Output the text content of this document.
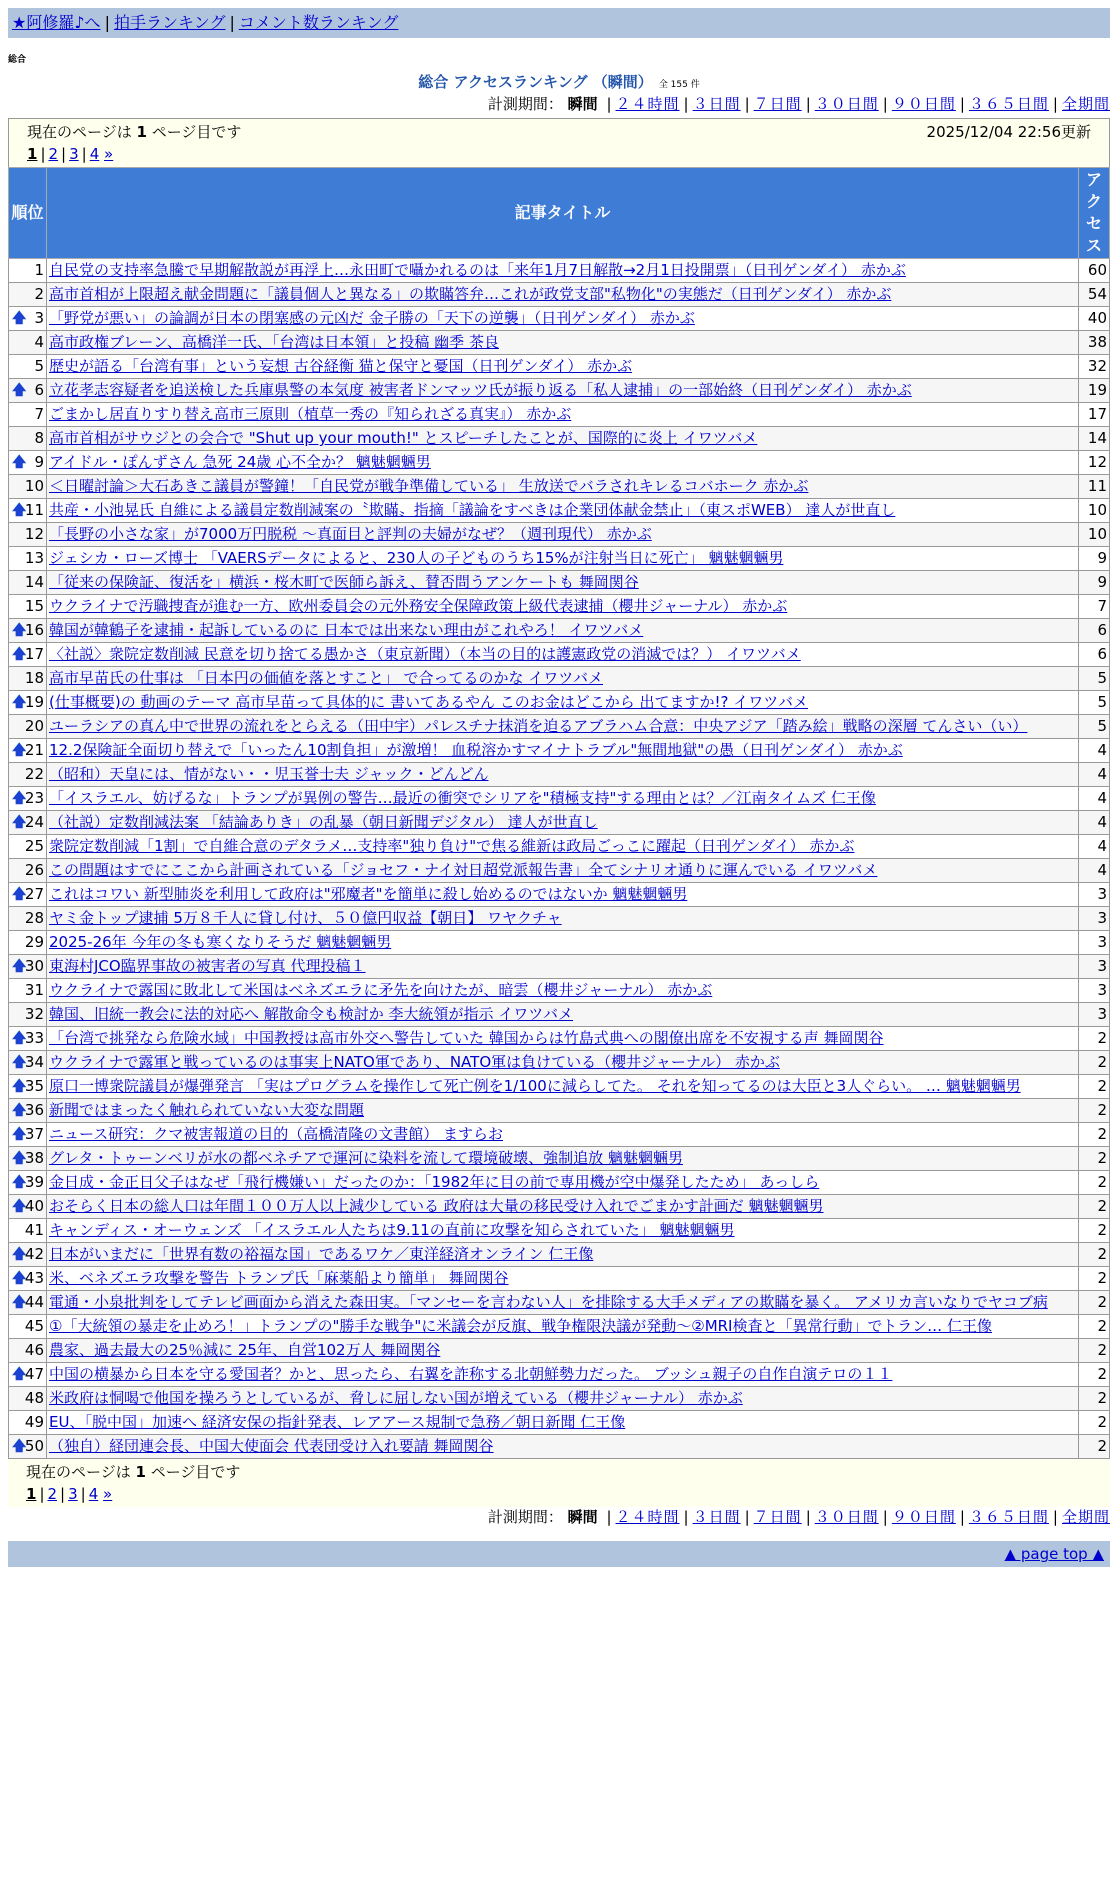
★阿修羅♪へ | 拍手ランキング | コメント数ランキング
総合
総合 アクセスランキング （瞬間） 全 155 件
計測期間： 瞬間 | ２４時間 | ３日間 | ７日間 | ３０日間 | ９０日間 | ３６５日間 | 全期間
現在のページは 1 ページ目です	2025/12/04 22:56更新
1 | 2 | 3 | 4 »
順位	記事タイトル	アクセス
1	自民党の支持率急騰で早期解散説が再浮上…永田町で囁かれるのは「来年1月7日解散→2月1日投開票」（日刊ゲンダイ） 赤かぶ	60
2	高市首相が上限超え献金問題に「議員個人と異なる」の欺瞞答弁…これが政党支部"私物化"の実態だ（日刊ゲンダイ） 赤かぶ	54

🡅 3	「野党が悪い」の論調が日本の閉塞感の元凶だ 金子勝の「天下の逆襲」（日刊ゲンダイ） 赤かぶ	40
4	高市政権ブレーン、高橋洋一氏、「台湾は日本領」と投稿 幽季 茶良	38
5	歴史が語る「台湾有事」という妄想 古谷経衡 猫と保守と憂国（日刊ゲンダイ） 赤かぶ	32

🡅 6	立花孝志容疑者を追送検した兵庫県警の本気度 被害者ドンマッツ氏が振り返る「私人逮捕」の一部始終（日刊ゲンダイ） 赤かぶ	19
7	ごまかし居直りすり替え高市三原則（植草一秀の『知られざる真実』） 赤かぶ	17
8	高市首相がサウジとの会合で "Shut up your mouth!" とスピーチしたことが、国際的に炎上 イワツバメ	14

🡅 9	アイドル・ぽんずさん 急死 24歳 心不全か？ 魑魅魍魎男	12
10	＜日曜討論＞大石あきこ議員が警鐘！「自民党が戦争準備している」 生放送でバラされキレるコバホーク 赤かぶ	11

🡅
11	共産・小池晃氏 自維による議員定数削減案の〝欺瞞〟指摘「議論をすべきは企業団体献金禁止」（東スポWEB） 達人が世直し	10
12	「長野の小さな家」が7000万円脱税 ～真面目と評判の夫婦がなぜ？（週刊現代） 赤かぶ	10
13	ジェシカ・ローズ博士 「VAERSデータによると、230人の子どものうち15%が注射当日に死亡」 魑魅魍魎男	9
14	「従来の保険証、復活を」横浜・桜木町で医師ら訴え、賛否問うアンケートも 舞岡関谷	9
15	ウクライナで汚職捜査が進む一方、欧州委員会の元外務安全保障政策上級代表逮捕（櫻井ジャーナル） 赤かぶ	7

🡅
16	韓国が韓鶴子を逮捕・起訴しているのに 日本では出来ない理由がこれやろ！ イワツバメ	6

🡅
17	〈社説〉衆院定数削減 民意を切り捨てる愚かさ（東京新聞）（本当の目的は護憲政党の消滅では？） イワツバメ	6
18	高市早苗氏の仕事は 「日本円の価値を落とすこと」 で合ってるのかな イワツバメ	5

🡅
19	(仕事概要)の 動画のテーマ 高市早苗って具体的に 書いてあるやん このお金はどこから 出てますか!? イワツバメ	5
20	ユーラシアの真ん中で世界の流れをとらえる（田中宇）パレスチナ抹消を迫るアブラハム合意：中央アジア「踏み絵」戦略の深層 てんさい（い）	5

🡅
21	12.2保険証全面切り替えで「いったん10割負担」が激増！ 血税溶かすマイナトラブル"無間地獄"の愚（日刊ゲンダイ） 赤かぶ	4
22	（昭和）天皇には、情がない・・児玉誉士夫 ジャック・どんどん	4

🡅
23	「イスラエル、妨げるな」トランプが異例の警告…最近の衝突でシリアを"積極支持"する理由とは？／江南タイムズ 仁王像	4

🡅
24	（社説）定数削減法案 「結論ありき」の乱暴（朝日新聞デジタル） 達人が世直し	4
25	衆院定数削減「1割」で自維合意のデタラメ…支持率"独り負け"で焦る維新は政局ごっこに躍起（日刊ゲンダイ） 赤かぶ	4
26	この問題はすでにここから計画されている「ジョセフ・ナイ対日超党派報告書」全てシナリオ通りに運んでいる イワツバメ	4

🡅
27	これはコワい 新型肺炎を利用して政府は"邪魔者"を簡単に殺し始めるのではないか 魑魅魍魎男	3
28	ヤミ金トップ逮捕 5万８千人に貸し付け、５０億円収益【朝日】 ワヤクチャ	3
29	2025-26年 今年の冬も寒くなりそうだ 魑魅魍魎男	3

🡅
30	東海村JCO臨界事故の被害者の写真 代理投稿１	3
31	ウクライナで露国に敗北して米国はベネズエラに矛先を向けたが、暗雲（櫻井ジャーナル） 赤かぶ	3
32	韓国、旧統一教会に法的対応へ 解散命令も検討か 李大統領が指示 イワツバメ	3

🡅
33	「台湾で挑発なら危険水域」中国教授は高市外交へ警告していた 韓国からは竹島式典への閣僚出席を不安視する声 舞岡関谷	2

🡅
34	ウクライナで露軍と戦っているのは事実上NATO軍であり、NATO軍は負けている（櫻井ジャーナル） 赤かぶ	2

🡅
35	原口一博衆院議員が爆弾発言 「実はプログラムを操作して死亡例を1/100に減らしてた。 それを知ってるのは大臣と3人ぐらい。 … 魑魅魍魎男	2

🡅
36	新聞ではまったく触れられていない大変な問題	2

🡅
37	ニュース研究：クマ被害報道の目的（高橋清隆の文書館） ますらお	2

🡅
38	グレタ・トゥーンベリが水の都ベネチアで運河に染料を流して環境破壊、強制追放 魑魅魍魎男	2

🡅
39	金日成・金正日父子はなぜ「飛行機嫌い」だったのか：「1982年に目の前で専用機が空中爆発したため」 あっしら	2

🡅
40	おそらく日本の総人口は年間１００万人以上減少している 政府は大量の移民受け入れでごまかす計画だ 魑魅魍魎男	2
41	キャンディス・オーウェンズ 「イスラエル人たちは9.11の直前に攻撃を知らされていた」 魑魅魍魎男	2

🡅
42	日本がいまだに「世界有数の裕福な国」であるワケ／東洋経済オンライン 仁王像	2

🡅
43	米、ベネズエラ攻撃を警告 トランプ氏「麻薬船より簡単」 舞岡関谷	2

🡅
44	電通・小泉批判をしてテレビ画面から消えた森田実。「マンセーを言わない人」を排除する大手メディアの欺瞞を暴く。 アメリカ言いなりでヤコブ病	2
45	①「大統領の暴走を止めろ！」トランプの"勝手な戦争"に米議会が反旗、戦争権限決議が発動～②MRI検査と「異常行動」でトラン… 仁王像	2
46	農家、過去最大の25％減に 25年、自営102万人 舞岡関谷	2

🡅
47	中国の横暴から日本を守る愛国者？かと、思ったら、右翼を詐称する北朝鮮勢力だった。 ブッシュ親子の自作自演テロの１１	2
48	米政府は恫喝で他国を操ろうとしているが、脅しに屈しない国が増えている（櫻井ジャーナル） 赤かぶ	2
49	EU、「脱中国」加速へ 経済安保の指針発表、レアアース規制で急務／朝日新聞 仁王像	2

🡅
50	（独自）経団連会長、中国大使面会 代表団受け入れ要請 舞岡関谷	2
現在のページは 1 ページ目です
1 | 2 | 3 | 4 »
計測期間： 瞬間 | ２４時間 | ３日間 | ７日間 | ３０日間 | ９０日間 | ３６５日間 | 全期間
▲ page top ▲
